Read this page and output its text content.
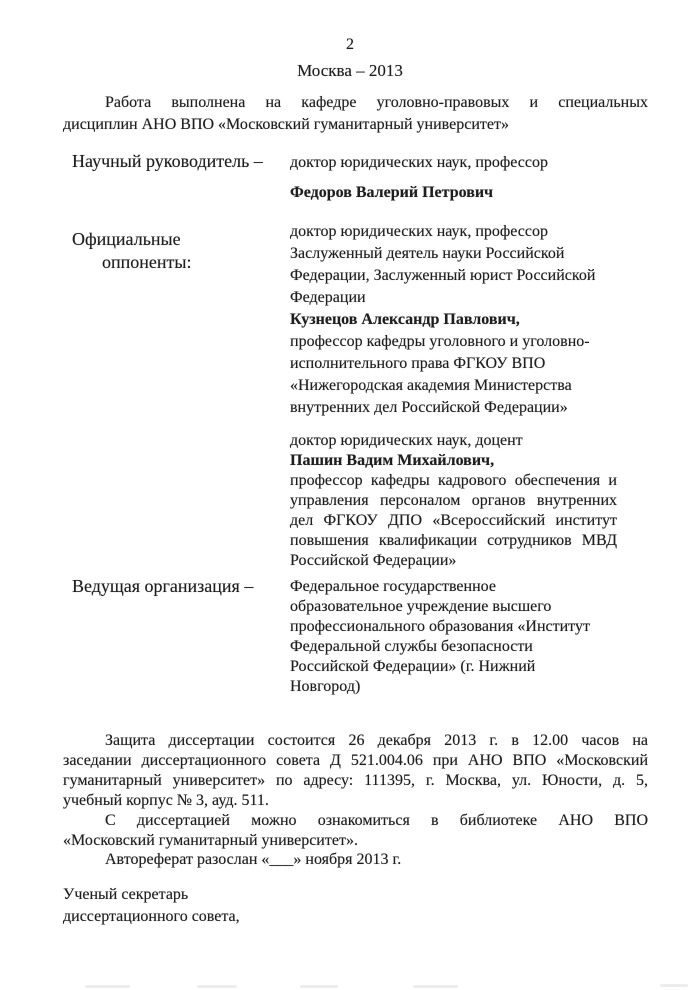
2
Москва – 2013
Работа выполнена на кафедре уголовно-правовых и специальных
дисциплин АНО ВПО «Московский гуманитарный университет»
Научный руководитель – доктор юридических наук, профессор
Федоров Валерий Петрович
Официальные
оппоненты:
доктор юридических наук, профессор
Заслуженный деятель науки Российской
Федерации, Заслуженный юрист Российской
Федерации
Кузнецов Александр Павлович,
профессор кафедры уголовного и уголовно-
исполнительного права ФГКОУ ВПО
«Нижегородская академия Министерства
внутренних дел Российской Федерации»
доктор юридических наук, доцент
Пашин Вадим Михайлович,
профессор кафедры кадрового обеспечения и
управления персоналом органов внутренних
дел ФГКОУ ДПО «Всероссийский институт
повышения квалификации сотрудников МВД
Российской Федерации»
Ведущая организация – Федеральное государственное
образовательное учреждение высшего
профессионального образования «Институт
Федеральной службы безопасности
Российской Федерации» (г. Нижний
Новгород)
Защита диссертации состоится 26 декабря 2013 г. в 12.00 часов на
заседании диссертационного совета Д 521.004.06 при АНО ВПО «Московский
гуманитарный университет» по адресу: 111395, г. Москва, ул. Юности, д. 5,
учебный корпус № 3, ауд. 511.
С диссертацией можно ознакомиться в библиотеке АНО ВПО
«Московский гуманитарный университет».
Автореферат разослан «___» ноября 2013 г.
Ученый секретарь
диссертационного совета,
